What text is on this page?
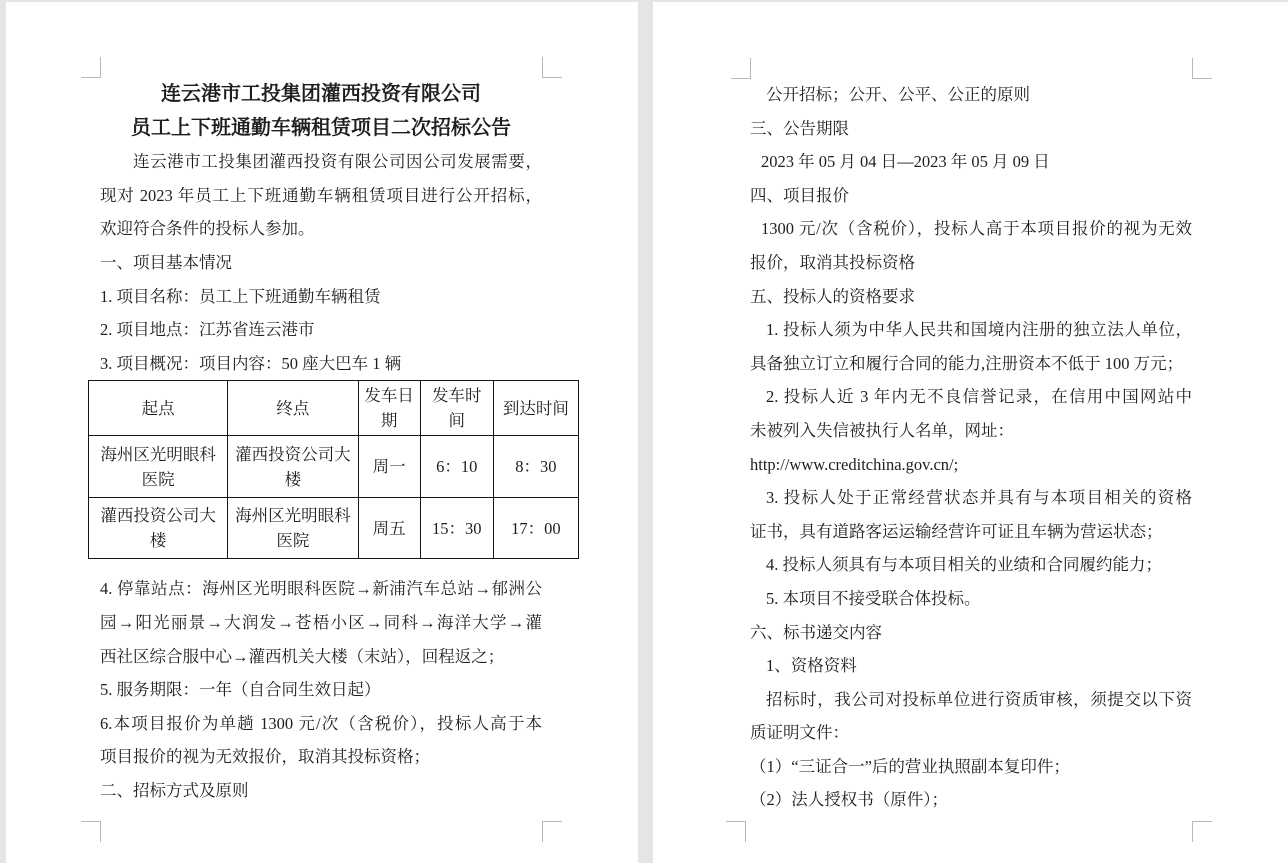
连云港市工投集团灌西投资有限公司
员工上下班通勤车辆租赁项目二次招标公告
连云港市工投集团灌西投资有限公司因公司发展需要，
现对 2023 年员工上下班通勤车辆租赁项目进行公开招标，
欢迎符合条件的投标人参加。
一、项目基本情况
1. 项目名称：员工上下班通勤车辆租赁
2. 项目地点：江苏省连云港市
3. 项目概况：项目内容：50 座大巴车 1 辆
起点	终点	发车日期	发车时间	到达时间
海州区光明眼科医院	灌西投资公司大楼	周一	6：10	8：30
灌西投资公司大楼	海州区光明眼科医院	周五	15：30	17：00
4. 停靠站点：海州区光明眼科医院→新浦汽车总站→郁洲公
园→阳光丽景→大润发→苍梧小区→同科→海洋大学→灌
西社区综合服中心→灌西机关大楼（末站），回程返之；
5. 服务期限：一年（自合同生效日起）
6.本项目报价为单趟 1300 元/次（含税价），投标人高于本
项目报价的视为无效报价，取消其投标资格；
二、招标方式及原则
公开招标；公开、公平、公正的原则
三、公告期限
2023 年 05 月 04 日—2023 年 05 月 09 日
四、项目报价
1300 元/次（含税价），投标人高于本项目报价的视为无效
报价，取消其投标资格
五、投标人的资格要求
1. 投标人须为中华人民共和国境内注册的独立法人单位，
具备独立订立和履行合同的能力,注册资本不低于 100 万元；
2. 投标人近 3 年内无不良信誉记录，在信用中国网站中
未被列入失信被执行人名单，网址：
http://www.creditchina.gov.cn/;
3. 投标人处于正常经营状态并具有与本项目相关的资格
证书，具有道路客运运输经营许可证且车辆为营运状态；
4. 投标人须具有与本项目相关的业绩和合同履约能力；
5. 本项目不接受联合体投标。
六、标书递交内容
1、资格资料
招标时，我公司对投标单位进行资质审核，须提交以下资
质证明文件：
（1）“三证合一”后的营业执照副本复印件；
（2）法人授权书（原件）；
